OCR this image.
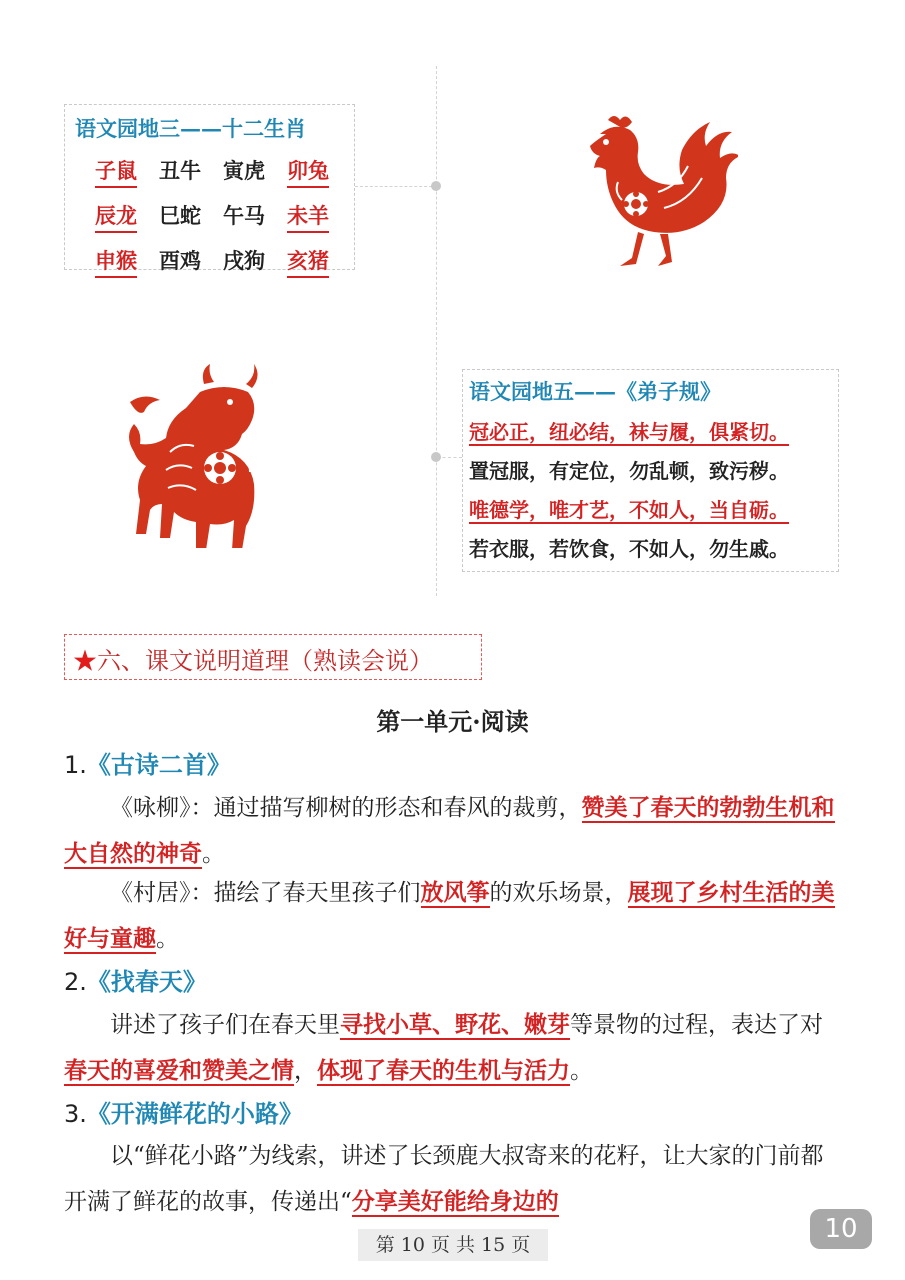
语文园地三——十二生肖
子鼠 丑牛 寅虎 卯兔
辰龙 巳蛇 午马 未羊
申猴 酉鸡 戌狗 亥猪
语文园地五——《弟子规》
冠必正，纽必结，袜与履，俱紧切。
置冠服，有定位，勿乱顿，致污秽。
唯德学，唯才艺，不如人，当自砺。
若衣服，若饮食，不如人，勿生戚。
★六、课文说明道理（熟读会说）
第一单元·阅读
1.《古诗二首》
《咏柳》：通过描写柳树的形态和春风的裁剪，赞美了春天的勃勃生机和大自然的神奇。
《村居》：描绘了春天里孩子们放风筝的欢乐场景，展现了乡村生活的美好与童趣。
2.《找春天》
讲述了孩子们在春天里寻找小草、野花、嫩芽等景物的过程，表达了对春天的喜爱和赞美之情，体现了春天的生机与活力。
3.《开满鲜花的小路》
以“鲜花小路”为线索，讲述了长颈鹿大叔寄来的花籽，让大家的门前都开满了鲜花的故事，传递出“分享美好能给身边的
第 10 页 共 15 页
10
